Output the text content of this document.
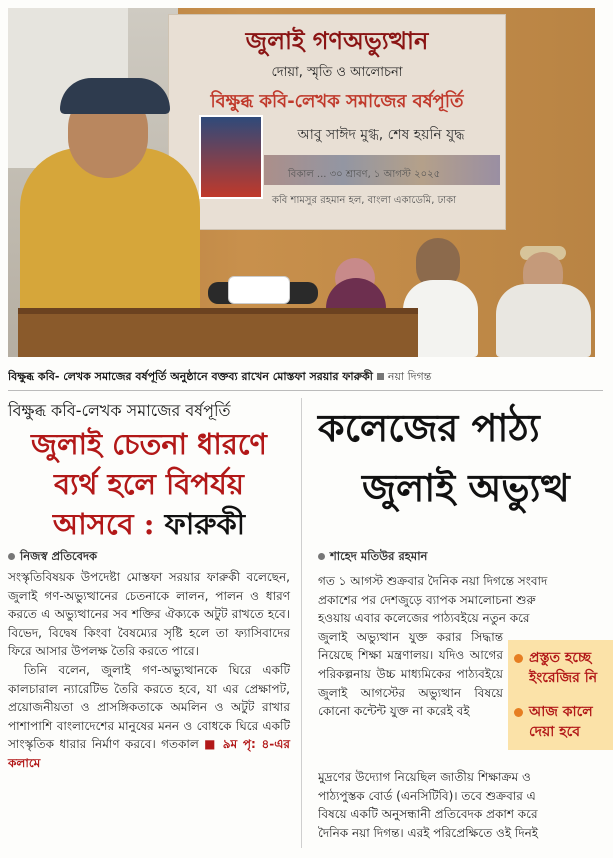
জুলাই গণঅভ্যুত্থান
দোয়া, স্মৃতি ও আলোচনা
বিক্ষুব্ধ কবি-লেখক সমাজের বর্ষপূর্তি
আবু সাঈদ মুগ্ধ, শেষ হয়নি যুদ্ধ
বিকাল ... ৩০ শ্রাবণ, ১ আগস্ট ২০২৫
কবি শামসুর রহমান হল, বাংলা একাডেমি, ঢাকা
বিক্ষুব্ধ কবি- লেখক সমাজের বর্ষপূর্তি অনুষ্ঠানে বক্তব্য রাখেন মোস্তফা সরয়ার ফারুকী নয়া দিগন্ত
বিক্ষুব্ধ কবি-লেখক সমাজের বর্ষপূর্তি
জুলাই চেতনা ধারণে
ব্যর্থ হলে বিপর্যয়
আসবে : ফারুকী
নিজস্ব প্রতিবেদক

সংস্কৃতিবিষয়ক উপদেষ্টা মোস্তফা সরয়ার ফারুকী বলেছেন, জুলাই গণ-অভ্যুত্থানের চেতনাকে লালন, পালন ও ধারণ করতে এ অভ্যুত্থানের সব শক্তির ঐক্যকে অটুট রাখতে হবে। বিভেদ, বিদ্বেষ কিংবা বৈষম্যের সৃষ্টি হলে তা ফ্যাসিবাদের ফিরে আসার উপলক্ষ তৈরি করতে পারে।

তিনি বলেন, জুলাই গণ-অভ্যুত্থানকে ঘিরে একটি কালচারাল ন্যারেটিভ তৈরি করতে হবে, যা এর প্রেক্ষাপট, প্রয়োজনীয়তা ও প্রাসঙ্গিকতাকে অমলিন ও অটুট রাখার পাশাপাশি বাংলাদেশের মানুষের মনন ও বোধকে ঘিরে একটি সাংস্কৃতিক ধারার নির্মাণ করবে। গতকাল ■ ৯ম পৃ: ৪-এর কলামে

কলেজের পাঠ্য
জুলাই অভ্যুত্থ
শাহেদ মতিউর রহমান
গত ১ আগস্ট শুক্রবার দৈনিক নয়া দিগন্তে সংবাদ
প্রকাশের পর দেশজুড়ে ব্যাপক সমালোচনা শুরু
হওয়ায় এবার কলেজের পাঠ্যবইয়ে নতুন করে
জুলাই অভ্যুত্থান যুক্ত করার সিদ্ধান্ত নিয়েছে শিক্ষা মন্ত্রণালয়। যদিও আগের পরিকল্পনায় উচ্চ মাধ্যমিকের পাঠ্যবইয়ে জুলাই আগস্টের অভ্যুত্থান বিষয়ে কোনো কন্টেন্ট যুক্ত না করেই বই
প্রস্তুত হচ্ছে
ইংরেজির নি
আজ কালে
দেয়া হবে
মুদ্রণের উদ্যোগ নিয়েছিল জাতীয় শিক্ষাক্রম ও
পাঠ্যপুস্তক বোর্ড (এনসিটিবি)। তবে শুক্রবার এ
বিষয়ে একটি অনুসন্ধানী প্রতিবেদক প্রকাশ করে
দৈনিক নয়া দিগন্ত। এরই পরিপ্রেক্ষিতে ওই দিনই
